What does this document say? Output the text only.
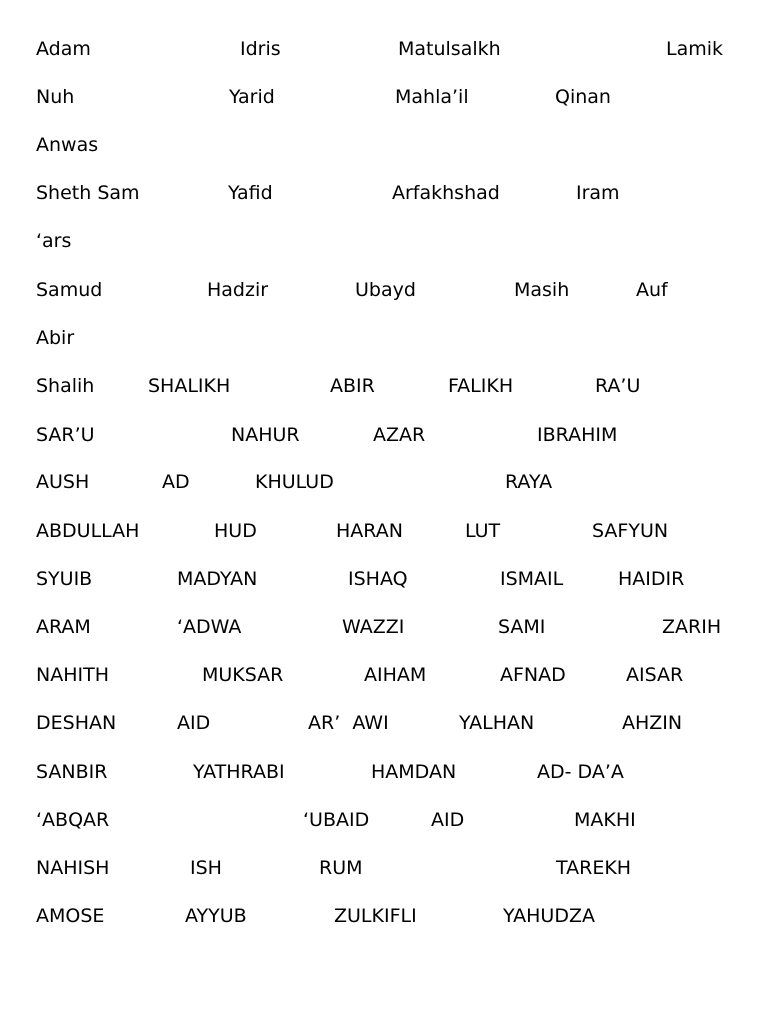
Adam	Idris	Matulsalkh	Lamik
Nuh	Yarid	Mahla’il	Qinan
Anwas
Sheth Sam	Yafid	Arfakhshad	Iram
‘ars
Samud	Hadzir	Ubayd	Masih	Auf
Abir
Shalih	SHALIKH	ABIR	FALIKH	RA’U
SAR’U	NAHUR	AZAR	IBRAHIM
AUSH	AD	KHULUD	RAYA
ABDULLAH	HUD	HARAN	LUT	SAFYUN
SYUIB	MADYAN	ISHAQ	ISMAIL	HAIDIR
ARAM	‘ADWA	WAZZI	SAMI	ZARIH
NAHITH	MUKSAR	AIHAM	AFNAD	AISAR
DESHAN	AID	AR’  AWI	YALHAN	AHZIN
SANBIR	YATHRABI	HAMDAN	AD- DA’A
‘ABQAR	‘UBAID	AID	MAKHI
NAHISH	ISH	RUM	TAREKH
AMOSE	AYYUB	ZULKIFLI	YAHUDZA
